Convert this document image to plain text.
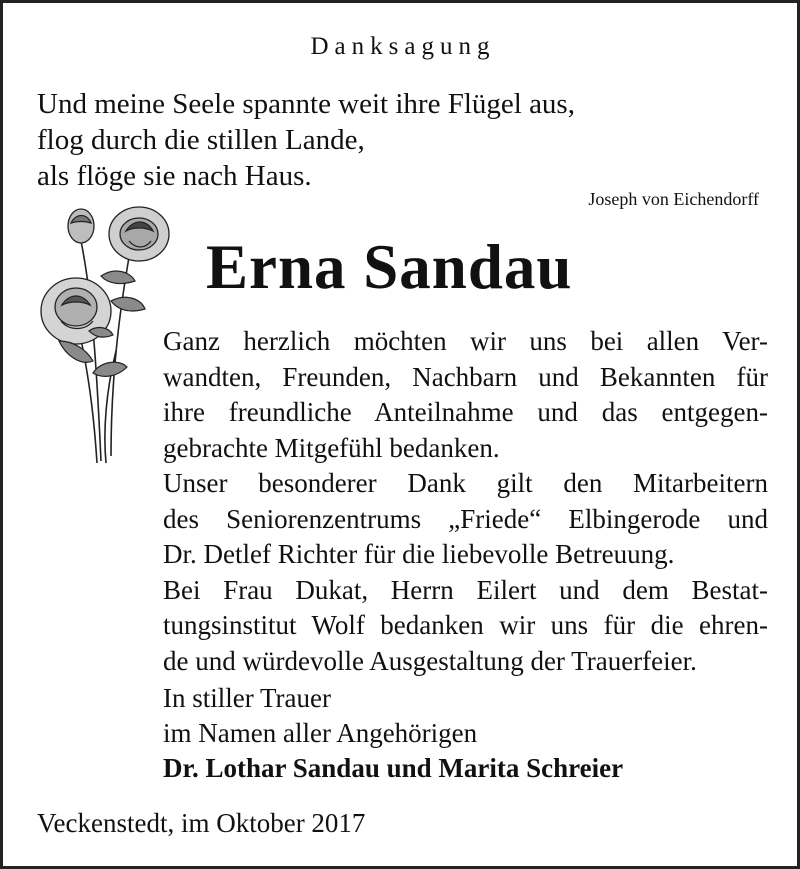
Danksagung
Und meine Seele spannte weit ihre Flügel aus,
flog durch die stillen Lande,
als flöge sie nach Haus.
Joseph von Eichendorff
Erna Sandau
Ganz herzlich möchten wir uns bei allen Ver-
wandten, Freunden, Nachbarn und Bekannten für
ihre freundliche Anteilnahme und das entgegen-
gebrachte Mitgefühl bedanken.
Unser besonderer Dank gilt den Mitarbeitern
des Seniorenzentrums „Friede“ Elbingerode und
Dr. Detlef Richter für die liebevolle Betreuung.
Bei Frau Dukat, Herrn Eilert und dem Bestat-
tungsinstitut Wolf bedanken wir uns für die ehren-
de und würdevolle Ausgestaltung der Trauerfeier.
In stiller Trauer
im Namen aller Angehörigen
Dr. Lothar Sandau und Marita Schreier
Veckenstedt, im Oktober 2017
